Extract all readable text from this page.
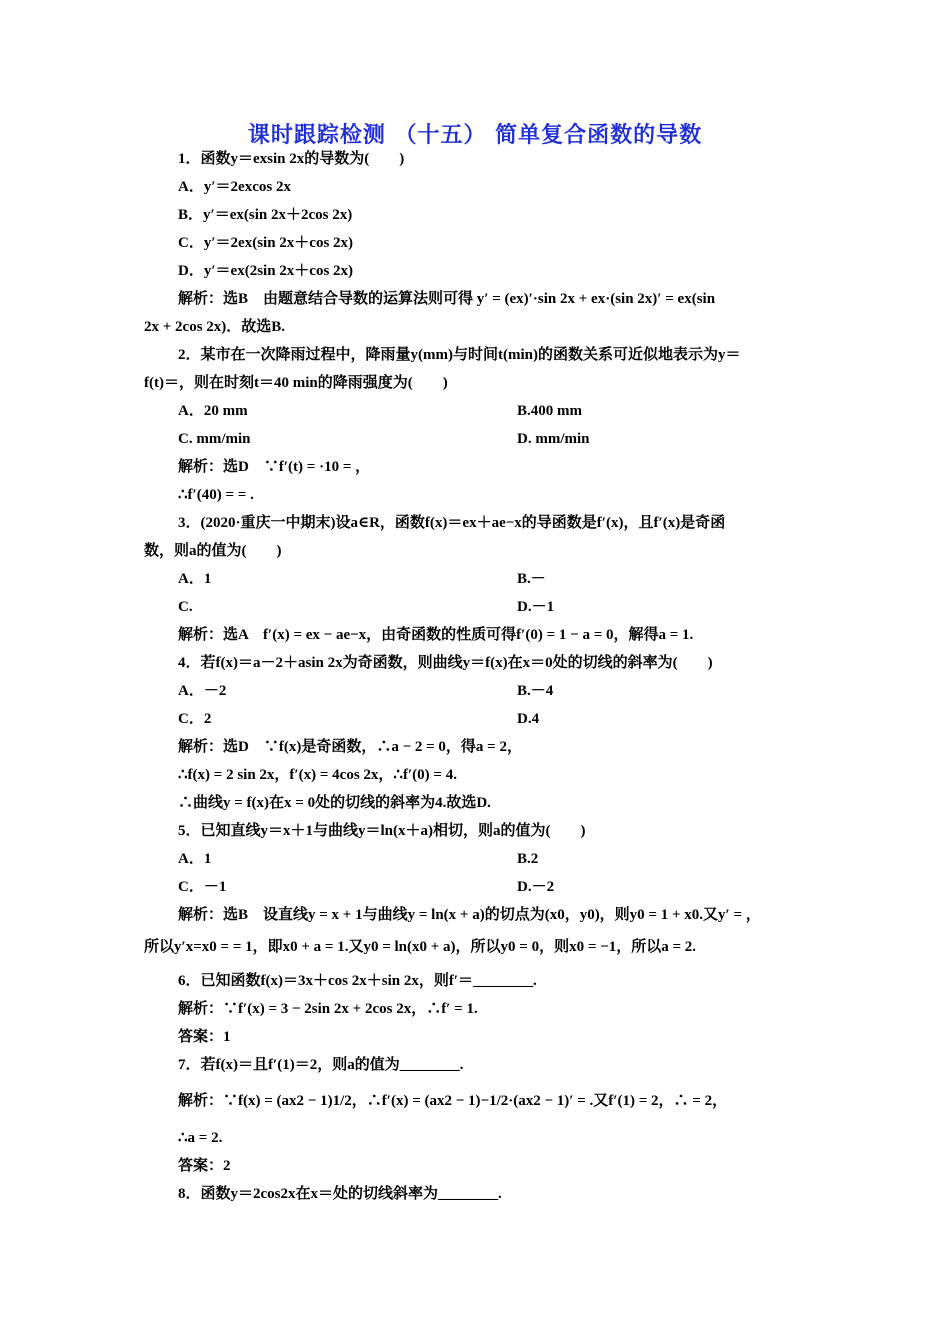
课时跟踪检测 （十五） 简单复合函数的导数
1．函数y＝exsin 2x的导数为(　　)
A．y′＝2excos 2x
B．y′＝ex(sin 2x＋2cos 2x)
C．y′＝2ex(sin 2x＋cos 2x)
D．y′＝ex(2sin 2x＋cos 2x)
解析：选B　由题意结合导数的运算法则可得 y′ = (ex)′·sin 2x + ex·(sin 2x)′ = ex(sin
2x + 2cos 2x)．故选B.
2．某市在一次降雨过程中，降雨量y(mm)与时间t(min)的函数关系可近似地表示为y＝
f(t)＝，则在时刻t＝40 min的降雨强度为(　　)
A．20 mm	B.400 mm
C. mm/min	D. mm/min
解析：选D　∵f′(t) = ·10 = ，
∴f′(40) = = .
3．(2020·重庆一中期末)设a∈R，函数f(x)＝ex＋ae−x的导函数是f′(x)，且f′(x)是奇函
数，则a的值为(　　)
A．1	B.－
C.	D.－1
解析：选A　f′(x) = ex − ae−x，由奇函数的性质可得f′(0) = 1 − a = 0，解得a = 1.
4．若f(x)＝a－2＋asin 2x为奇函数，则曲线y＝f(x)在x＝0处的切线的斜率为(　　)
A．－2	B.－4
C．2	D.4
解析：选D　∵f(x)是奇函数，∴a − 2 = 0，得a = 2，
∴f(x) = 2 sin 2x，f′(x) = 4cos 2x，∴f′(0) = 4.
∴曲线y = f(x)在x = 0处的切线的斜率为4.故选D.
5．已知直线y＝x＋1与曲线y＝ln(x＋a)相切，则a的值为(　　)
A．1	B.2
C．－1	D.－2
解析：选B　设直线y = x + 1与曲线y = ln(x + a)的切点为(x0，y0)，则y0 = 1 + x0.又y′ = ，
所以y′x=x0 = = 1，即x0 + a = 1.又y0 = ln(x0 + a)，所以y0 = 0，则x0 = −1，所以a = 2.
6．已知函数f(x)＝3x＋cos 2x＋sin 2x，则f′＝________.
解析：∵f′(x) = 3 − 2sin 2x + 2cos 2x，∴f′ = 1.
答案：1
7．若f(x)＝且f′(1)＝2，则a的值为________.
解析：∵f(x) = (ax2 − 1)1/2，∴f′(x) = (ax2 − 1)−1/2·(ax2 − 1)′ = .又f′(1) = 2，∴ = 2，
∴a = 2.
答案：2
8．函数y＝2cos2x在x＝处的切线斜率为________.
